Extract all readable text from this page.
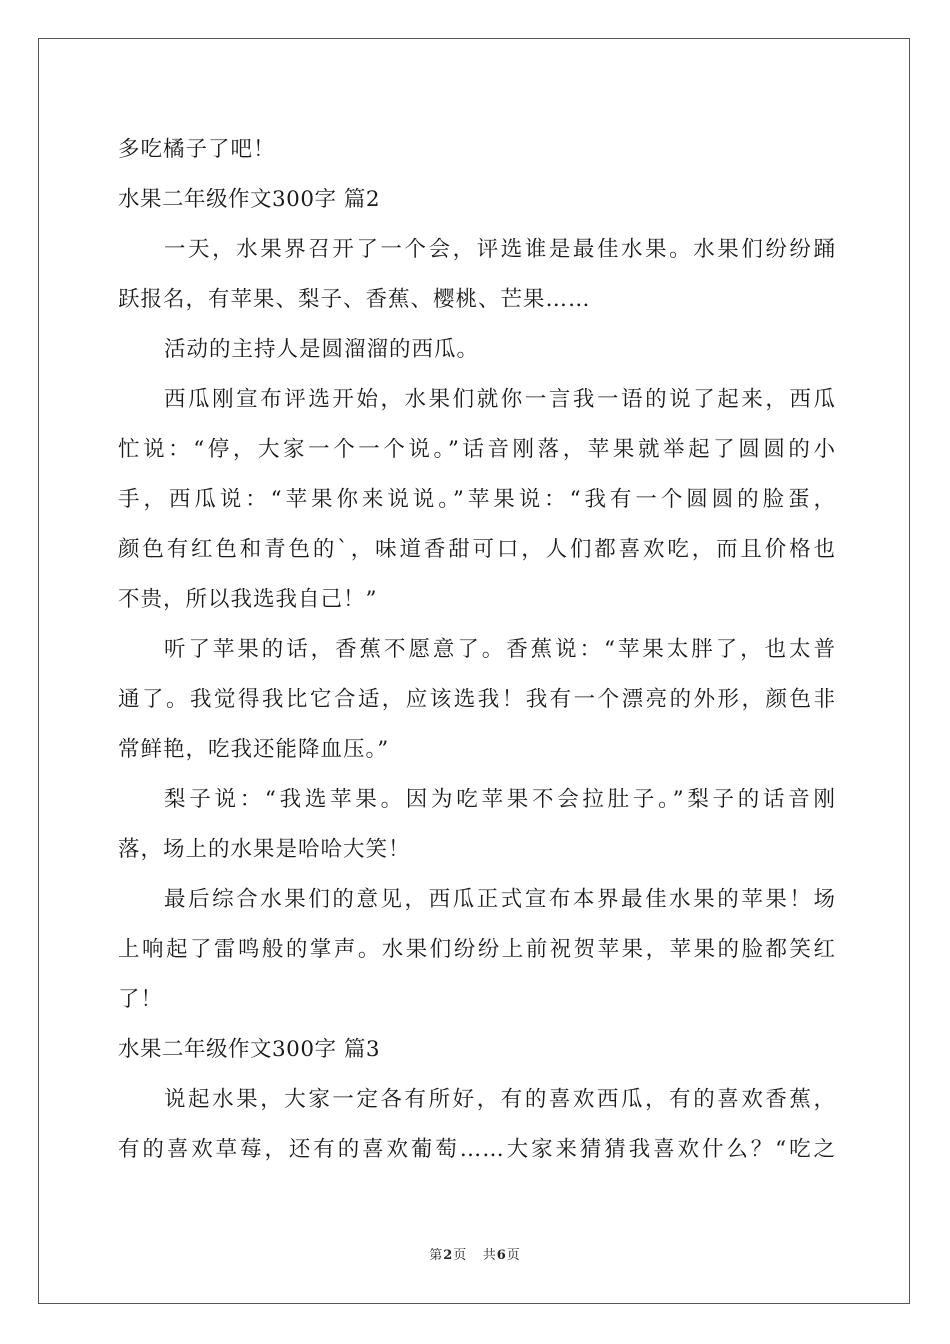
多吃橘子了吧！
水果二年级作文300字 篇2
一天，水果界召开了一个会，评选谁是最佳水果。水果们纷纷踊
跃报名，有苹果、梨子、香蕉、樱桃、芒果……
活动的主持人是圆溜溜的西瓜。
西瓜刚宣布评选开始，水果们就你一言我一语的说了起来，西瓜
忙说：“停，大家一个一个说。”话音刚落，苹果就举起了圆圆的小
手，西瓜说：“苹果你来说说。”苹果说：“我有一个圆圆的脸蛋，
颜色有红色和青色的`，味道香甜可口，人们都喜欢吃，而且价格也
不贵，所以我选我自己！”
听了苹果的话，香蕉不愿意了。香蕉说：“苹果太胖了，也太普
通了。我觉得我比它合适，应该选我！我有一个漂亮的外形，颜色非
常鲜艳，吃我还能降血压。”
梨子说：“我选苹果。因为吃苹果不会拉肚子。”梨子的话音刚
落，场上的水果是哈哈大笑！
最后综合水果们的意见，西瓜正式宣布本界最佳水果的苹果！场
上响起了雷鸣般的掌声。水果们纷纷上前祝贺苹果，苹果的脸都笑红
了！
水果二年级作文300字 篇3
说起水果，大家一定各有所好，有的喜欢西瓜，有的喜欢香蕉，
有的喜欢草莓，还有的喜欢葡萄……大家来猜猜我喜欢什么？“吃之
第2页 共6页
